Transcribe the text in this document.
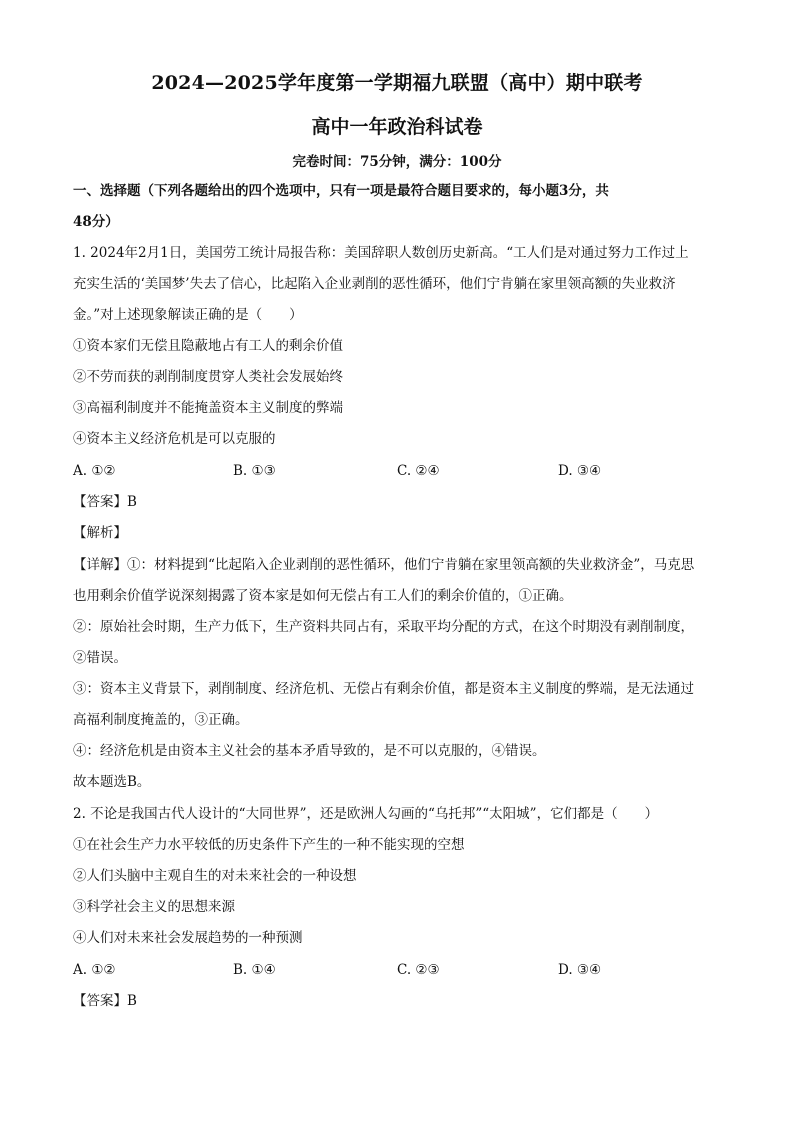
2024—2025学年度第一学期福九联盟（高中）期中联考
高中一年政治科试卷
完卷时间：75分钟，满分：100分
一、选择题（下列各题给出的四个选项中，只有一项是最符合题目要求的，每小题3分，共
48分）
1. 2024年2月1日，美国劳工统计局报告称：美国辞职人数创历史新高。“工人们是对通过努力工作过上
充实生活的‘美国梦’失去了信心，比起陷入企业剥削的恶性循环，他们宁肯躺在家里领高额的失业救济
金。”对上述现象解读正确的是（　　）
①资本家们无偿且隐蔽地占有工人的剩余价值
②不劳而获的剥削制度贯穿人类社会发展始终
③高福利制度并不能掩盖资本主义制度的弊端
④资本主义经济危机是可以克服的
A. ①②	B. ①③	C. ②④	D. ③④
【答案】B
【解析】
【详解】①：材料提到“比起陷入企业剥削的恶性循环，他们宁肯躺在家里领高额的失业救济金”，马克思
也用剩余价值学说深刻揭露了资本家是如何无偿占有工人们的剩余价值的，①正确。
②：原始社会时期，生产力低下，生产资料共同占有，采取平均分配的方式，在这个时期没有剥削制度，
②错误。
③：资本主义背景下，剥削制度、经济危机、无偿占有剩余价值，都是资本主义制度的弊端，是无法通过
高福利制度掩盖的，③正确。
④：经济危机是由资本主义社会的基本矛盾导致的，是不可以克服的，④错误。
故本题选B。
2. 不论是我国古代人设计的“大同世界”，还是欧洲人勾画的“乌托邦”“太阳城”，它们都是（　　）
①在社会生产力水平较低的历史条件下产生的一种不能实现的空想
②人们头脑中主观自生的对未来社会的一种设想
③科学社会主义的思想来源
④人们对未来社会发展趋势的一种预测
A. ①②	B. ①④	C. ②③	D. ③④
【答案】B
